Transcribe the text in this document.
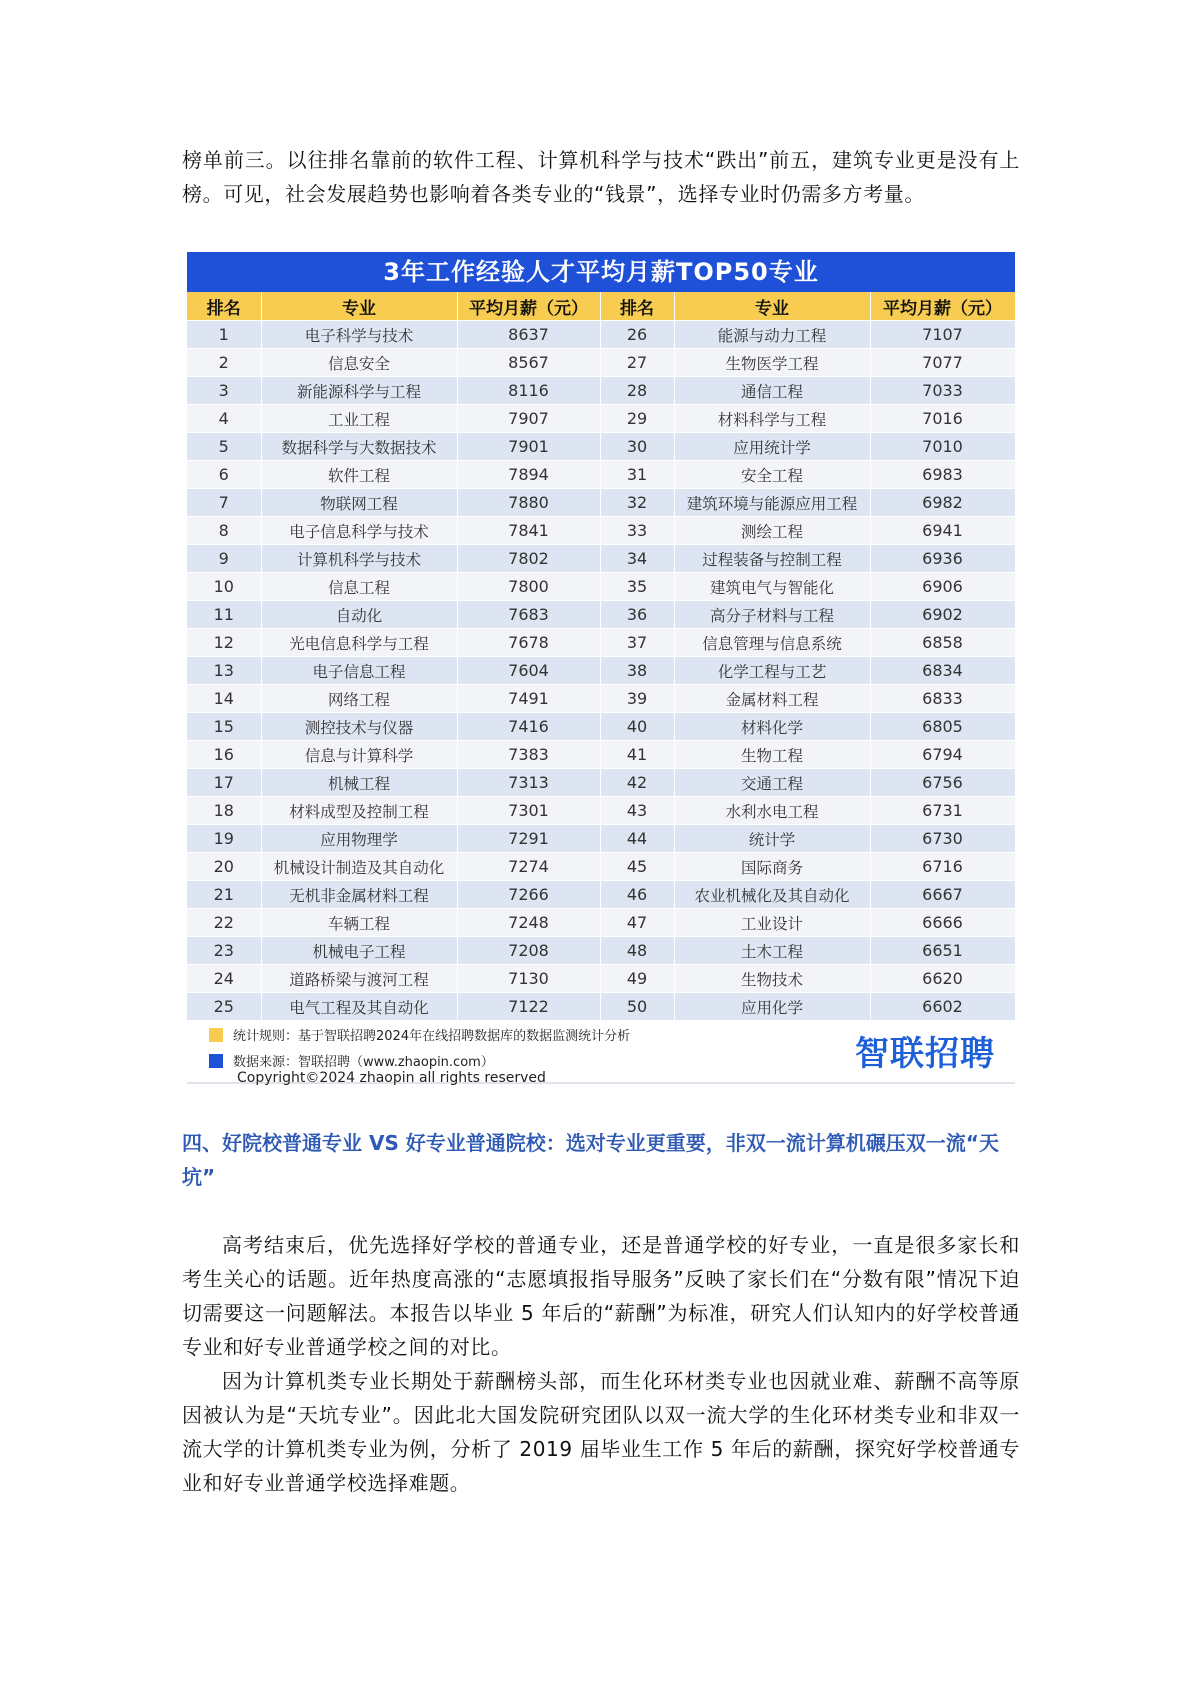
榜单前三。以往排名靠前的软件工程、计算机科学与技术“跌出”前五，建筑专业更是没有上榜。可见，社会发展趋势也影响着各类专业的“钱景”，选择专业时仍需多方考量。

3年工作经验人才平均月薪TOP50专业
排名	专业	平均月薪（元）	排名	专业	平均月薪（元）
1	电子科学与技术	8637	26	能源与动力工程	7107
2	信息安全	8567	27	生物医学工程	7077
3	新能源科学与工程	8116	28	通信工程	7033
4	工业工程	7907	29	材料科学与工程	7016
5	数据科学与大数据技术	7901	30	应用统计学	7010
6	软件工程	7894	31	安全工程	6983
7	物联网工程	7880	32	建筑环境与能源应用工程	6982
8	电子信息科学与技术	7841	33	测绘工程	6941
9	计算机科学与技术	7802	34	过程装备与控制工程	6936
10	信息工程	7800	35	建筑电气与智能化	6906
11	自动化	7683	36	高分子材料与工程	6902
12	光电信息科学与工程	7678	37	信息管理与信息系统	6858
13	电子信息工程	7604	38	化学工程与工艺	6834
14	网络工程	7491	39	金属材料工程	6833
15	测控技术与仪器	7416	40	材料化学	6805
16	信息与计算科学	7383	41	生物工程	6794
17	机械工程	7313	42	交通工程	6756
18	材料成型及控制工程	7301	43	水利水电工程	6731
19	应用物理学	7291	44	统计学	6730
20	机械设计制造及其自动化	7274	45	国际商务	6716
21	无机非金属材料工程	7266	46	农业机械化及其自动化	6667
22	车辆工程	7248	47	工业设计	6666
23	机械电子工程	7208	48	土木工程	6651
24	道路桥梁与渡河工程	7130	49	生物技术	6620
25	电气工程及其自动化	7122	50	应用化学	6602
统计规则：基于智联招聘2024年在线招聘数据库的数据监测统计分析
数据来源：智联招聘（www.zhaopin.com）	智联招聘
Copyright©2024 zhaopin all rights reserved
四、好院校普通专业 VS 好专业普通院校：选对专业更重要，非双一流计算机碾压双一流“天坑”

高考结束后，优先选择好学校的普通专业，还是普通学校的好专业，一直是很多家长和考生关心的话题。近年热度高涨的“志愿填报指导服务”反映了家长们在“分数有限”情况下迫切需要这一问题解法。本报告以毕业 5 年后的“薪酬”为标准，研究人们认知内的好学校普通专业和好专业普通学校之间的对比。

因为计算机类专业长期处于薪酬榜头部，而生化环材类专业也因就业难、薪酬不高等原因被认为是“天坑专业”。因此北大国发院研究团队以双一流大学的生化环材类专业和非双一流大学的计算机类专业为例，分析了 2019 届毕业生工作 5 年后的薪酬，探究好学校普通专业和好专业普通学校选择难题。
